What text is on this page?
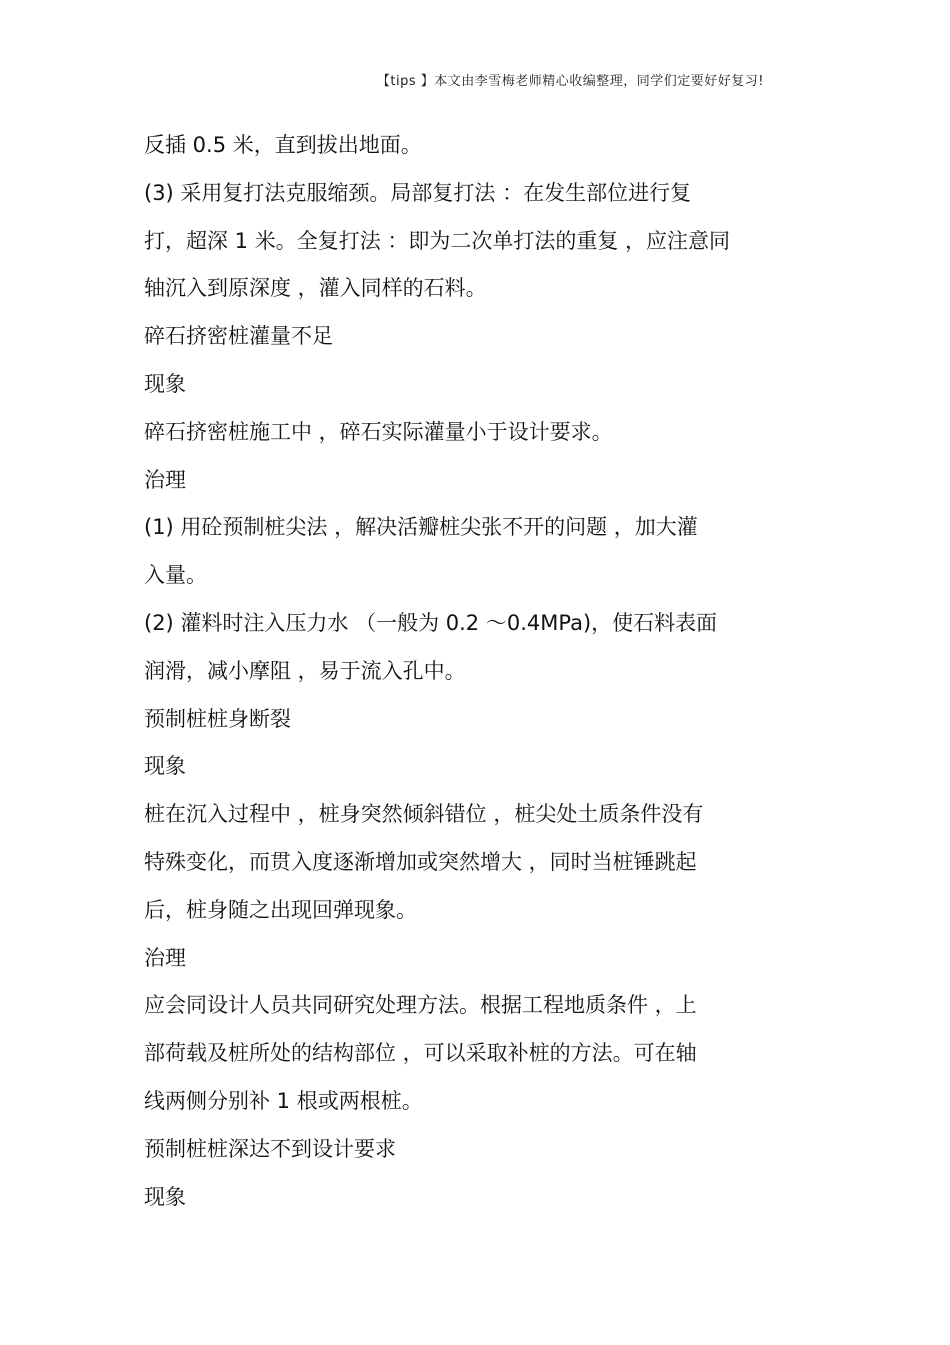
【tips 】本文由李雪梅老师精心收编整理，同学们定要好好复习!
反插 0.5 米，直到拔出地面。
(3) 采用复打法克服缩颈。局部复打法 ：在发生部位进行复
打，超深 1 米。全复打法 ：即为二次单打法的重复 ，应注意同
轴沉入到原深度 ，灌入同样的石料。
碎石挤密桩灌量不足
现象
碎石挤密桩施工中 ，碎石实际灌量小于设计要求。
治理
(1) 用砼预制桩尖法 ，解决活瓣桩尖张不开的问题 ，加大灌
入量。
(2) 灌料时注入压力水 （一般为 0.2 ～0.4MPa)，使石料表面
润滑，减小摩阻 ，易于流入孔中。
预制桩桩身断裂
现象
桩在沉入过程中 ，桩身突然倾斜错位 ，桩尖处土质条件没有
特殊变化，而贯入度逐渐增加或突然增大 ，同时当桩锤跳起
后，桩身随之出现回弹现象。
治理
应会同设计人员共同研究处理方法。根据工程地质条件 ，上
部荷载及桩所处的结构部位 ，可以采取补桩的方法。可在轴
线两侧分别补 1 根或两根桩。
预制桩桩深达不到设计要求
现象
